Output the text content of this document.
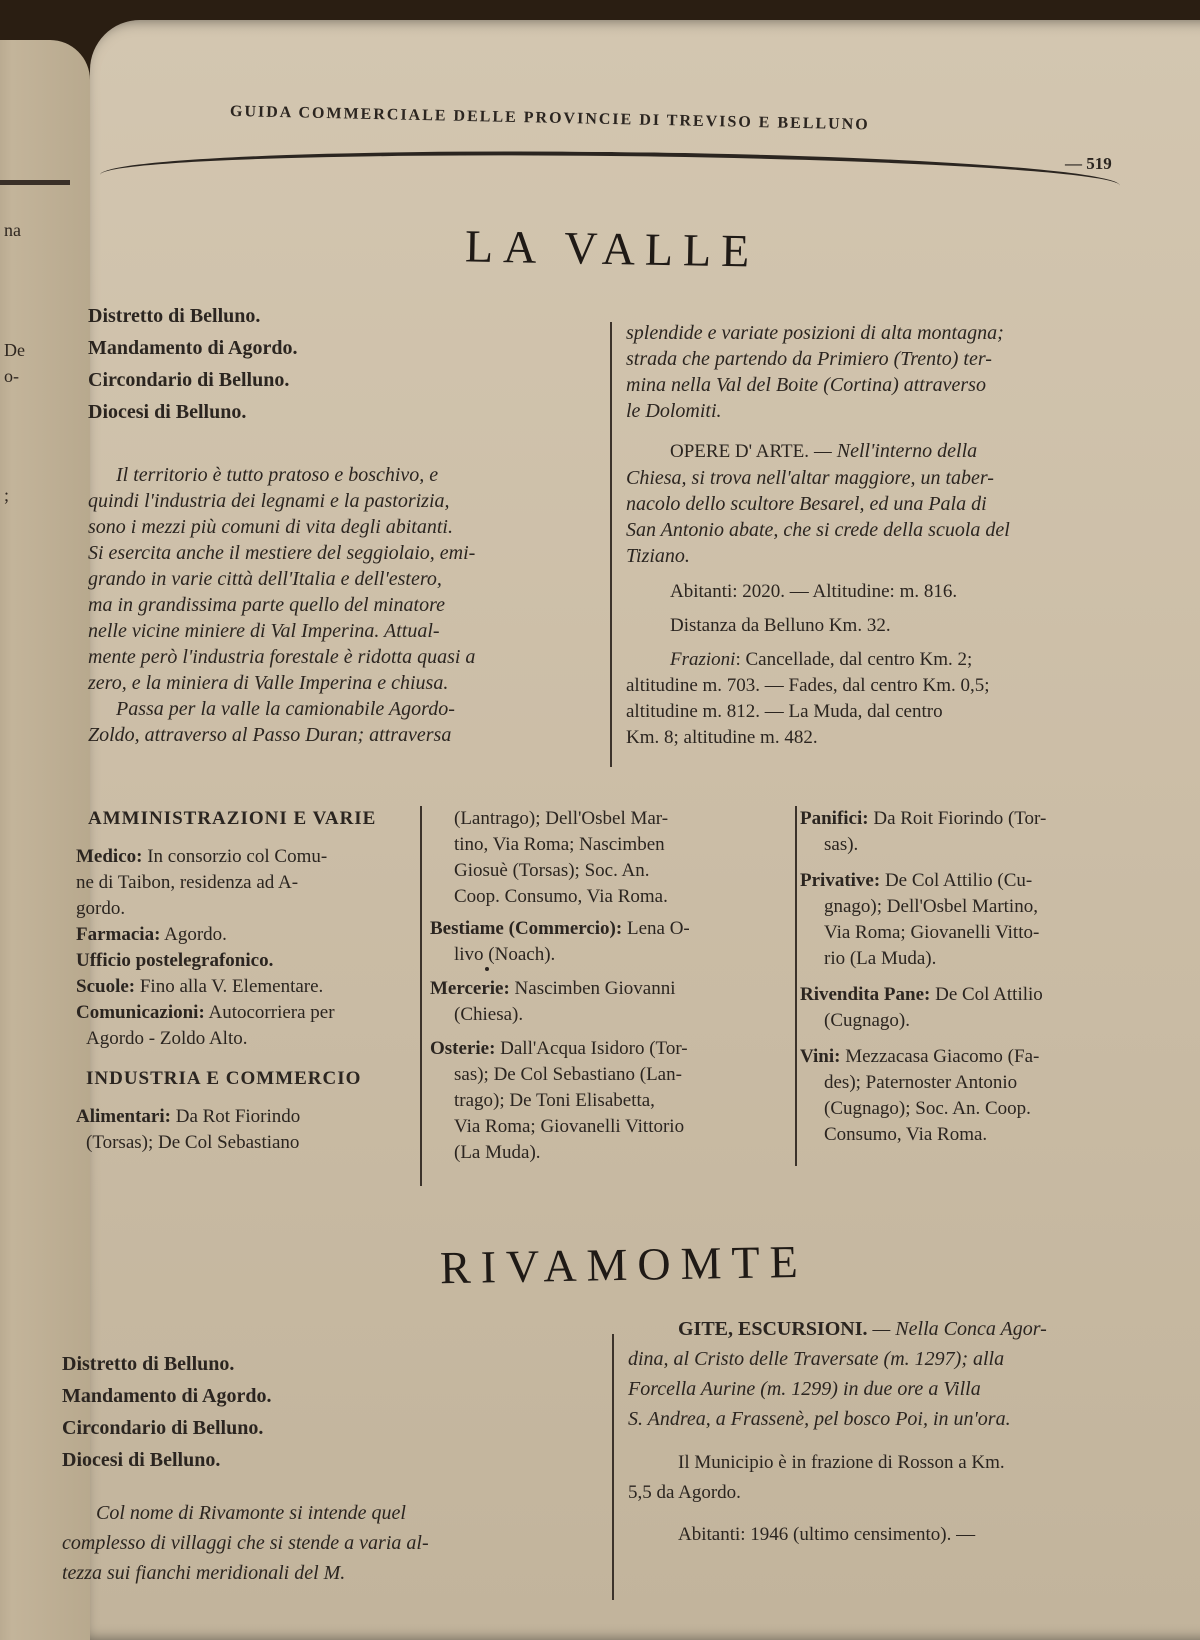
na
De
o-
;
GUIDA COMMERCIALE DELLE PROVINCIE DI TREVISO E BELLUNO
— 519
LA VALLE
Distretto di Belluno.
Mandamento di Agordo.
Circondario di Belluno.
Diocesi di Belluno.
Il territorio è tutto pratoso e boschivo, e
quindi l'industria dei legnami e la pastorizia,
sono i mezzi più comuni di vita degli abitanti.
Si esercita anche il mestiere del seggiolaio, emi-
grando in varie città dell'Italia e dell'estero,
ma in grandissima parte quello del minatore
nelle vicine miniere di Val Imperina. Attual-
mente però l'industria forestale è ridotta quasi a
zero, e la miniera di Valle Imperina e chiusa.
Passa per la valle la camionabile Agordo-
Zoldo, attraverso al Passo Duran; attraversa
splendide e variate posizioni di alta montagna;
strada che partendo da Primiero (Trento) ter-
mina nella Val del Boite (Cortina) attraverso
le Dolomiti.
OPERE D' ARTE. — Nell'interno della
Chiesa, si trova nell'altar maggiore, un taber-
nacolo dello scultore Besarel, ed una Pala di
San Antonio abate, che si crede della scuola del
Tiziano.
Abitanti: 2020. — Altitudine: m. 816.
Distanza da Belluno Km. 32.
Frazioni: Cancellade, dal centro Km. 2;
altitudine m. 703. — Fades, dal centro Km. 0,5;
altitudine m. 812. — La Muda, dal centro
Km. 8; altitudine m. 482.
AMMINISTRAZIONI E VARIE
Medico: In consorzio col Comu-
ne di Taibon, residenza ad A-
gordo.
Farmacia: Agordo.
Ufficio postelegrafonico.
Scuole: Fino alla V. Elementare.
Comunicazioni: Autocorriera per
Agordo - Zoldo Alto.
INDUSTRIA E COMMERCIO
Alimentari: Da Rot Fiorindo
(Torsas); De Col Sebastiano
(Lantrago); Dell'Osbel Mar-
tino, Via Roma; Nascimben
Giosuè (Torsas); Soc. An.
Coop. Consumo, Via Roma.
Bestiame (Commercio): Lena O-
livo (Noach).
Mercerie: Nascimben Giovanni
(Chiesa).
Osterie: Dall'Acqua Isidoro (Tor-
sas); De Col Sebastiano (Lan-
trago); De Toni Elisabetta,
Via Roma; Giovanelli Vittorio
(La Muda).
Panifici: Da Roit Fiorindo (Tor-
sas).
Privative: De Col Attilio (Cu-
gnago); Dell'Osbel Martino,
Via Roma; Giovanelli Vitto-
rio (La Muda).
Rivendita Pane: De Col Attilio
(Cugnago).
Vini: Mezzacasa Giacomo (Fa-
des); Paternoster Antonio
(Cugnago); Soc. An. Coop.
Consumo, Via Roma.
RIVAMOMTE
Distretto di Belluno.
Mandamento di Agordo.
Circondario di Belluno.
Diocesi di Belluno.
Col nome di Rivamonte si intende quel
complesso di villaggi che si stende a varia al-
tezza sui fianchi meridionali del M.
GITE, ESCURSIONI. — Nella Conca Agor-
dina, al Cristo delle Traversate (m. 1297); alla
Forcella Aurine (m. 1299) in due ore a Villa
S. Andrea, a Frassenè, pel bosco Poi, in un'ora.
Il Municipio è in frazione di Rosson a Km.
5,5 da Agordo.
Abitanti: 1946 (ultimo censimento). —
